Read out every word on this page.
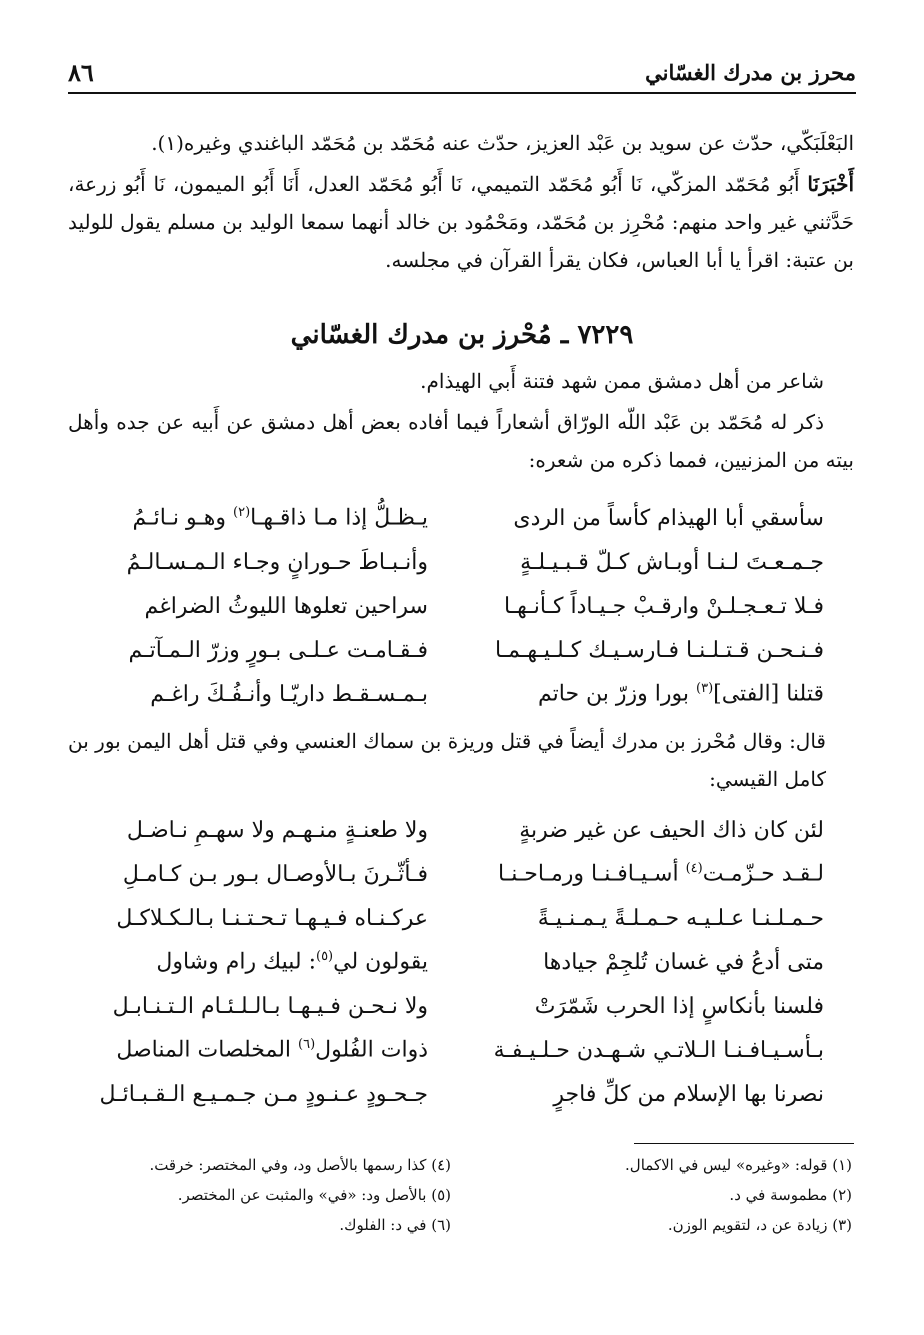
محرز بن مدرك الغسّاني
٨٦
البَعْلَبَكّي، حدّث عن سويد بن عَبْد العزيز، حدّث عنه مُحَمّد بن مُحَمّد الباغندي وغيره(١).
أَخْبَرَنَا أَبُو مُحَمّد المزكّي، نَا أَبُو مُحَمّد التميمي، نَا أَبُو مُحَمّد العدل، أَنَا أَبُو الميمون، نَا أَبُو زرعة، حَدَّثني غير واحد منهم: مُحْرِز بن مُحَمّد، ومَحْمُود بن خالد أنهما سمعا الوليد بن مسلم يقول للوليد بن عتبة: اقرأ يا أبا العباس، فكان يقرأ القرآن في مجلسه.
٧٢٢٩ ـ مُحْرز بن مدرك الغسّاني
شاعر من أهل دمشق ممن شهد فتنة أَبي الهيذام.
ذكر له مُحَمّد بن عَبْد اللّه الورّاق أشعاراً فيما أفاده بعض أهل دمشق عن أَبيه عن جده وأهل بيته من المزنيين، فمما ذكره من شعره:
سأسقي أبا الهيذام كأساً من الردى
يـظـلُّ إذا مـا ذاقـهـا$^{(٢)}$ وهـو نـائـمُ
جـمـعـتَ لـنـا أوبـاش كـلّ قـبـيـلـةٍ
وأنـبـاطَ حـورانٍ وجـاء الـمـسـالـمُ
فـلا تـعـجـلـنْ وارقـبْ جـيـاداً كـأنـهـا
سراحين تعلوها الليوثُ الضراغم
فـنـحـن قـتـلـنـا فـارسـيـك كـلـيـهـمـا
فـقـامـت عـلـى بـورٍ وزرّ الـمـآتـم
قتلنا [الفتى]$^{(٣)}$ بورا وزرّ بن حاتم
بـمـسـقـط داريّـا وأنـفُـكَ راغـم
قال: وقال مُحْرز بن مدرك أيضاً في قتل وريزة بن سماك العنسي وفي قتل أهل اليمن بور بن كامل القيسي:
لئن كان ذاك الحيف عن غير ضربةٍ
ولا طعنـةٍ منـهـم ولا سهـمِ نـاضـل
لـقـد حـزّمـت$^{(٤)}$ أسـيـافـنـا ورمـاحـنـا
فـأثّـرنَ بـالأوصـال بـور بـن كـامـلِ
حـمـلـنـا عـلـيـه حـمـلـةً يـمـنـيـةً
عركـنـاه فـيـهـا تـحـتـنـا بـالـكـلاكـل
متى أدعُ في غسان تُلجِمْ جيادها
يقولون لي$^{(٥)}$: لبيك رام وشاول
فلسنا بأنكاسٍ إذا الحرب شَمّرَتْ
ولا نـحـن فـيـهـا بـالـلـئـام الـتـنـابـل
بـأسـيـافـنـا الـلاتـي شـهـدن حـلـيـفـة
ذوات الفُلول$^{(٦)}$ المخلصات المناصل
نصرنا بها الإسلام من كلِّ فاجرٍ
جـحـودٍ عـنـودٍ مـن جـمـيـع الـقـبـائـل
(١) قوله: «وغيره» ليس في الاكمال.
(٢) مطموسة في د.
(٣) زيادة عن د، لتقويم الوزن.
(٤) كذا رسمها بالأصل ود، وفي المختصر: خرقت.
(٥) بالأصل ود: «في» والمثبت عن المختصر.
(٦) في د: الفلوك.
